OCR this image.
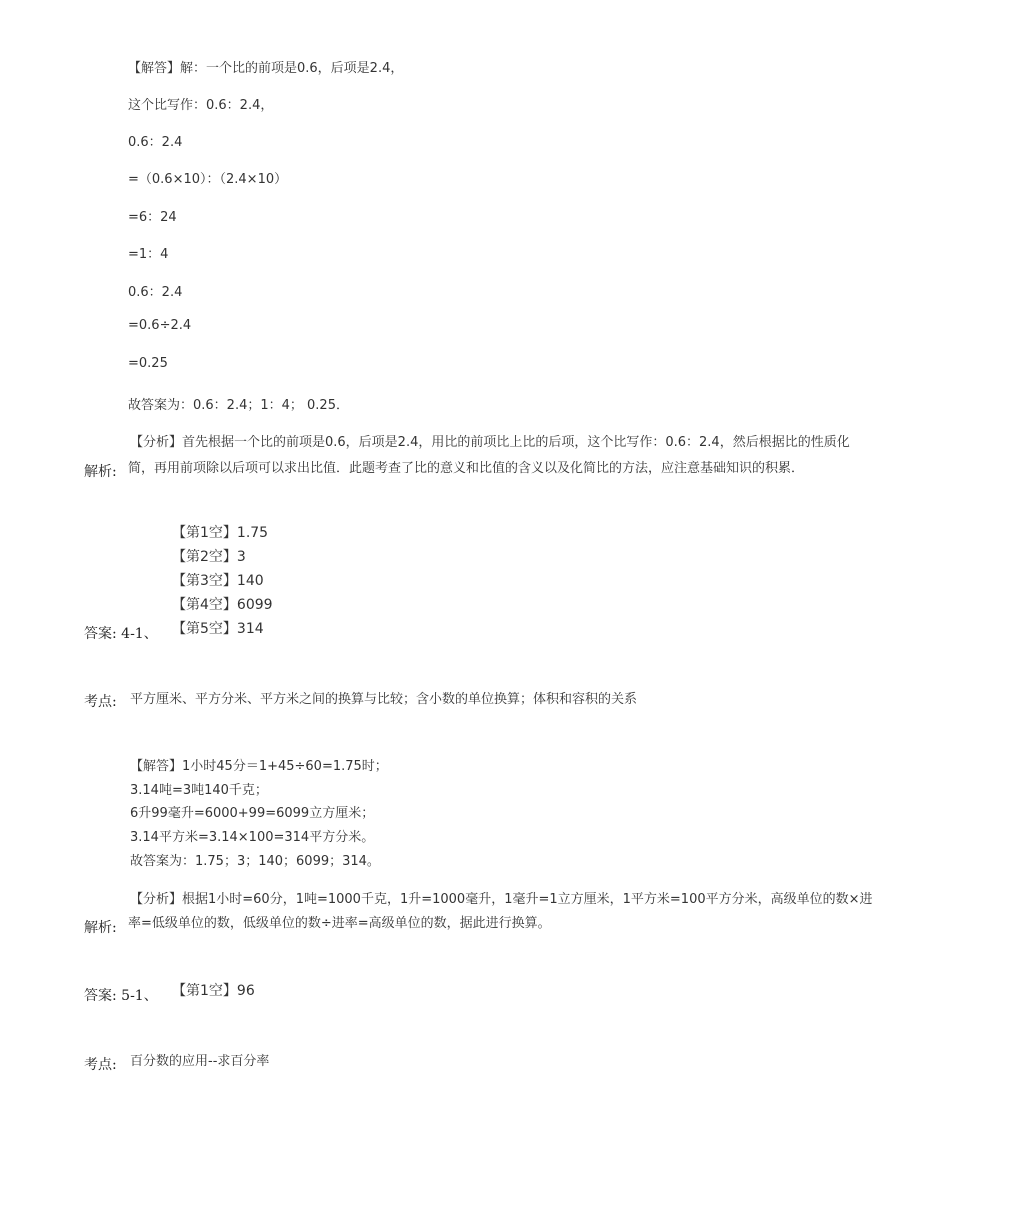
【解答】解：一个比的前项是0.6，后项是2.4，
这个比写作：0.6：2.4，
0.6：2.4
=（0.6×10）：（2.4×10）
=6：24
=1：4
0.6：2.4
=0.6÷2.4
=0.25
故答案为：0.6：2.4；1：4； 0.25．
【分析】首先根据一个比的前项是0.6，后项是2.4，用比的前项比上比的后项，这个比写作：0.6：2.4，然后根据比的性质化
解析: 简，再用前项除以后项可以求出比值．此题考查了比的意义和比值的含义以及化简比的方法，应注意基础知识的积累．
【第1空】1.75
【第2空】3
【第3空】140
【第4空】6099
答案: 4-1、 【第5空】314
考点: 平方厘米、平方分米、平方米之间的换算与比较；含小数的单位换算；体积和容积的关系
【解答】1小时45分＝1+45÷60=1.75时；
3.14吨=3吨140千克；
6升99毫升=6000+99=6099立方厘米；
3.14平方米=3.14×100=314平方分米。
故答案为：1.75；3；140；6099；314。
【分析】根据1小时=60分，1吨=1000千克，1升=1000毫升，1毫升=1立方厘米，1平方米=100平方分米，高级单位的数×进
解析: 率=低级单位的数，低级单位的数÷进率=高级单位的数，据此进行换算。
答案: 5-1、 【第1空】96
考点: 百分数的应用--求百分率
